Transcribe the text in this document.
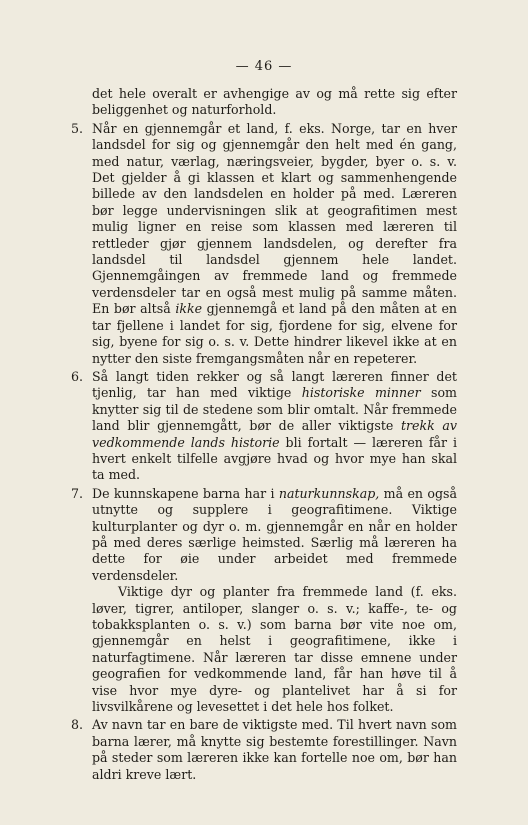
— 46 —

det hele overalt er avhengige av og må rette sig efter beliggenhet og naturforhold.

5. Når en gjennemgår et land, f. eks. Norge, tar en hver landsdel for sig og gjennemgår den helt med én gang, med natur, værlag, næringsveier, bygder, byer o. s. v. Det gjelder å gi klassen et klart og sammenhengende billede av den landsdelen en holder på med. Læreren bør legge undervisningen slik at geografitimen mest mulig ligner en reise som klassen med læreren til rettleder gjør gjennem landsdelen, og derefter fra landsdel til landsdel gjennem hele landet. Gjennemgåingen av fremmede land og fremmede verdensdeler tar en også mest mulig på samme måten. En bør altså ikke gjennemgå et land på den måten at en tar fjellene i landet for sig, fjordene for sig, elvene for sig, byene for sig o. s. v. Dette hindrer likevel ikke at en nytter den siste fremgangsmåten når en repeterer.

6. Så langt tiden rekker og så langt læreren finner det tjenlig, tar han med viktige historiske minner som knytter sig til de stedene som blir omtalt. Når fremmede land blir gjennemgått, bør de aller viktigste trekk av vedkommende lands historie bli fortalt — læreren får i hvert enkelt tilfelle avgjøre hvad og hvor mye han skal ta med.

7. De kunnskapene barna har i naturkunnskap, må en også utnytte og supplere i geografitimene. Viktige kulturplanter og dyr o. m. gjennemgår en når en holder på med deres særlige heimsted. Særlig må læreren ha dette for øie under arbeidet med fremmede verdensdeler.

Viktige dyr og planter fra fremmede land (f. eks. løver, tigrer, antiloper, slanger o. s. v.; kaffe-, te- og tobakksplanten o. s. v.) som barna bør vite noe om, gjennemgår en helst i geografitimene, ikke i naturfagtimene. Når læreren tar disse emnene under geografien for vedkommende land, får han høve til å vise hvor mye dyre- og plantelivet har å si for livsvilkårene og levesettet i det hele hos folket.

8. Av navn tar en bare de viktigste med. Til hvert navn som barna lærer, må knytte sig bestemte forestillinger. Navn på steder som læreren ikke kan fortelle noe om, bør han aldri kreve lært.
